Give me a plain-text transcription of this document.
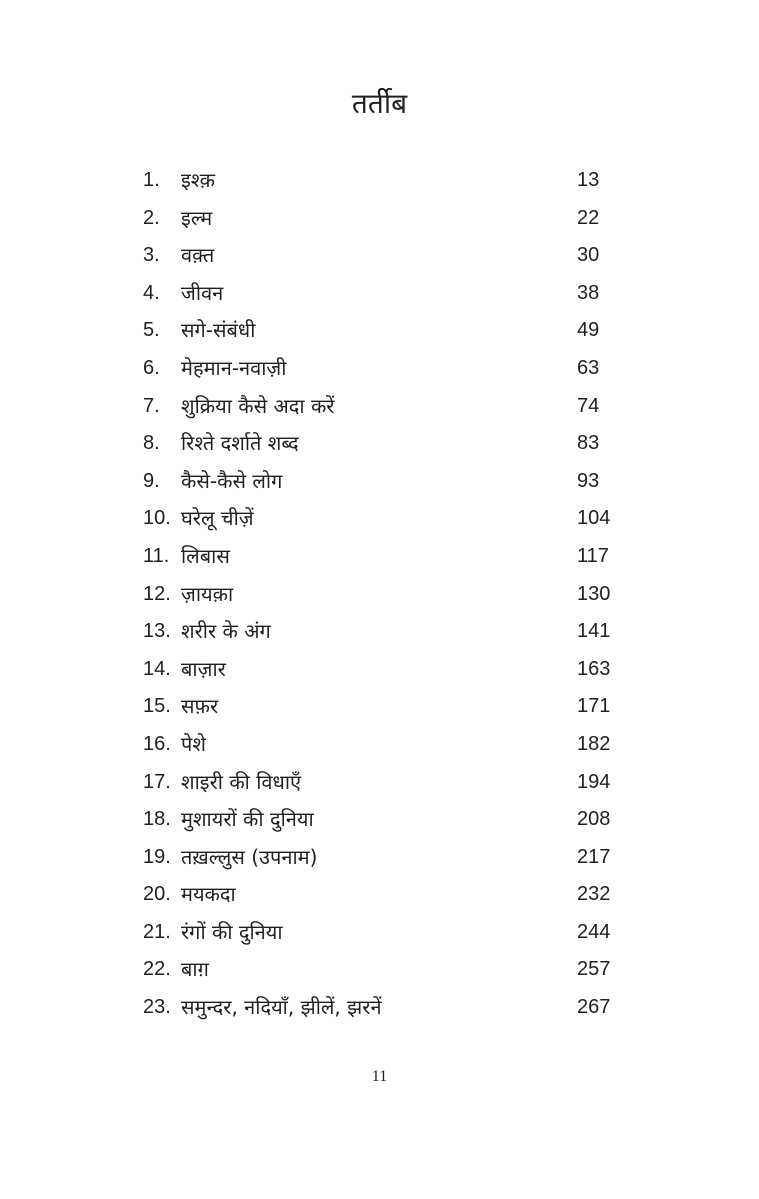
तर्तीब
1. इश्क़	13
2. इल्म	22
3. वक़्त	30
4. जीवन	38
5. सगे-संबंधी	49
6. मेहमान-नवाज़ी	63
7. शुक्रिया कैसे अदा करें	74
8. रिश्ते दर्शाते शब्द	83
9. कैसे-कैसे लोग	93
10. घरेलू चीज़ें	104
11. लिबास	117
12. ज़ायक़ा	130
13. शरीर के अंग	141
14. बाज़ार	163
15. सफ़र	171
16. पेशे	182
17. शाइरी की विधाएँ	194
18. मुशायरों की दुनिया	208
19. तख़ल्लुस (उपनाम)	217
20. मयकदा	232
21. रंगों की दुनिया	244
22. बाग़	257
23. समुन्दर, नदियाँ, झीलें, झरनें	267
11
